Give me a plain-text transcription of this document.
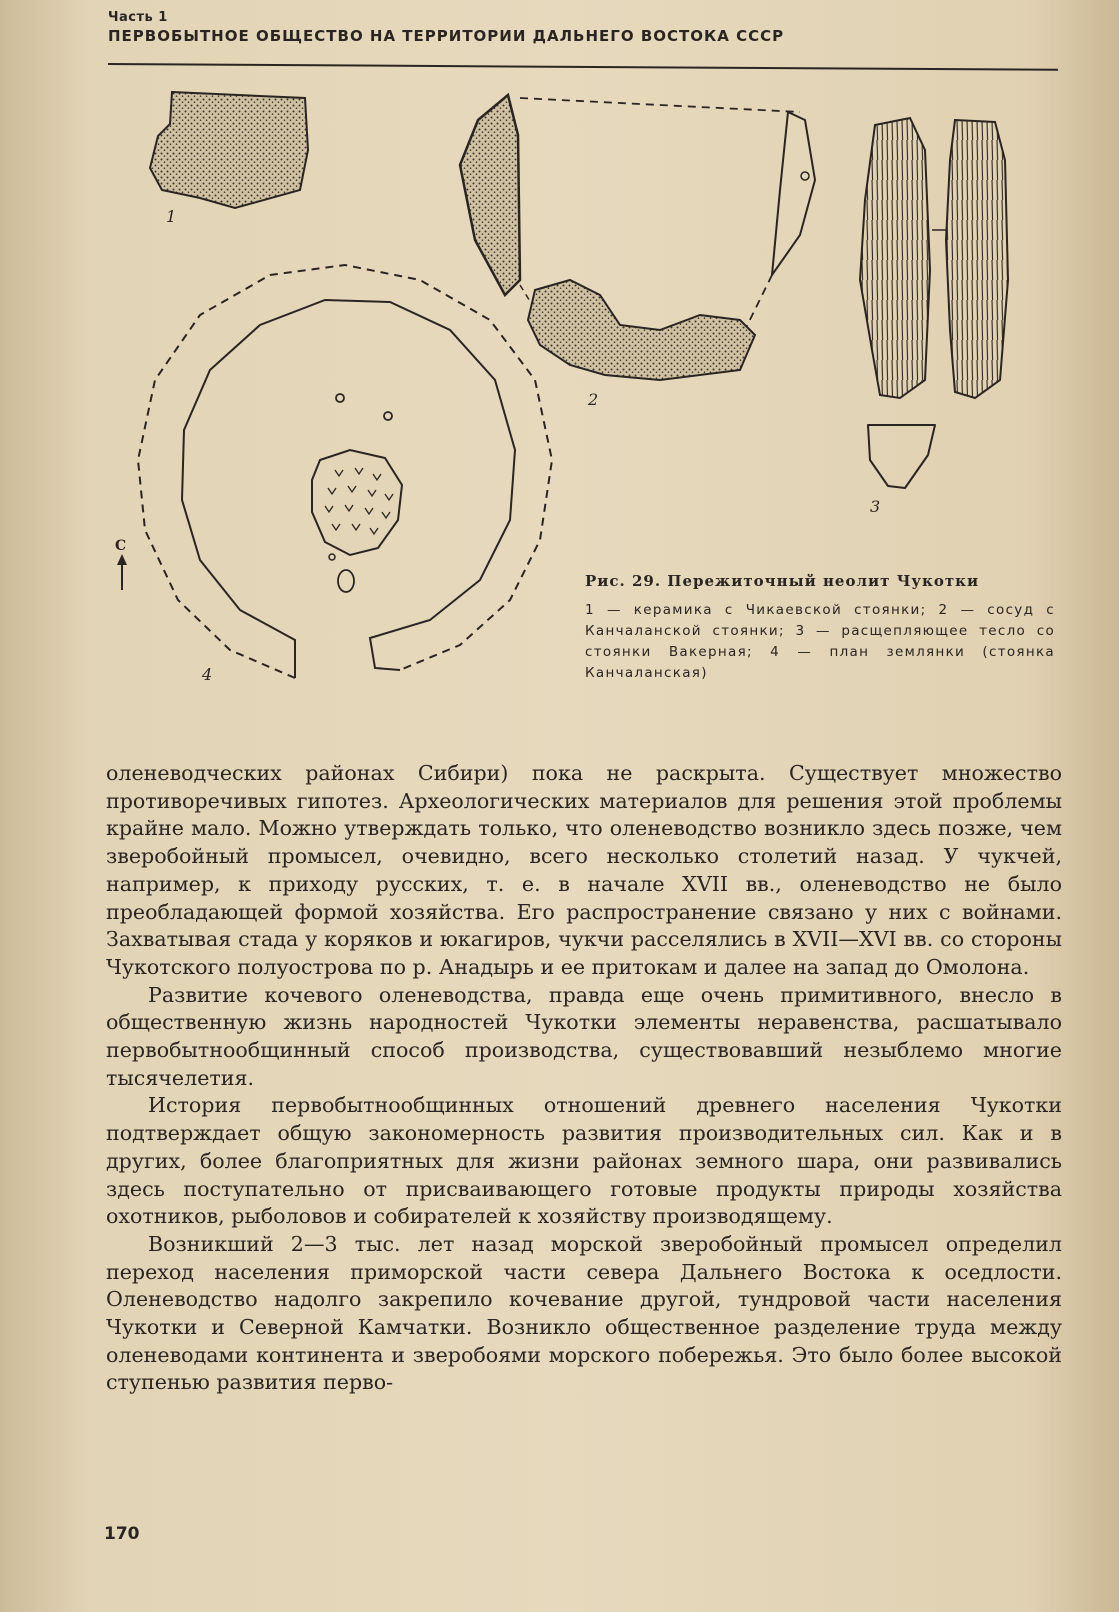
Часть 1
ПЕРВОБЫТНОЕ ОБЩЕСТВО НА ТЕРРИТОРИИ ДАЛЬНЕГО ВОСТОКА СССР
1
2
3
4
С
Рис. 29. Пережиточный неолит Чукотки
1 — керамика с Чикаевской стоянки; 2 — сосуд с Канчаланской стоянки; 3 — расщепляющее тесло со стоянки Вакерная; 4 — план землянки (стоянка Канчаланская)

оленеводческих районах Сибири) пока не раскрыта. Существует множество противоречивых гипотез. Археологических материалов для решения этой проблемы крайне мало. Можно утверждать только, что оленеводство возникло здесь позже, чем зверобойный промысел, очевидно, всего несколько столетий назад. У чукчей, например, к приходу русских, т. е. в начале XVII вв., оленеводство не было преобладающей формой хозяйства. Его распространение связано у них с войнами. Захватывая стада у коряков и юкагиров, чукчи расселялись в XVII—XVI вв. со стороны Чукотского полуострова по р. Анадырь и ее притокам и далее на запад до Омолона.

Развитие кочевого оленеводства, правда еще очень примитивного, внесло в общественную жизнь народностей Чукотки элементы неравенства, расшатывало первобытнообщинный способ производства, существовавший незыблемо многие тысячелетия.

История первобытнообщинных отношений древнего населения Чукотки подтверждает общую закономерность развития производительных сил. Как и в других, более благоприятных для жизни районах земного шара, они развивались здесь поступательно от присваивающего готовые продукты природы хозяйства охотников, рыболовов и собирателей к хозяйству производящему.

Возникший 2—3 тыс. лет назад морской зверобойный промысел определил переход населения приморской части севера Дальнего Востока к оседлости. Оленеводство надолго закрепило кочевание другой, тундровой части населения Чукотки и Северной Камчатки. Возникло общественное разделение труда между оленеводами континента и зверобоями морского побережья. Это было более высокой ступенью развития перво-

170
